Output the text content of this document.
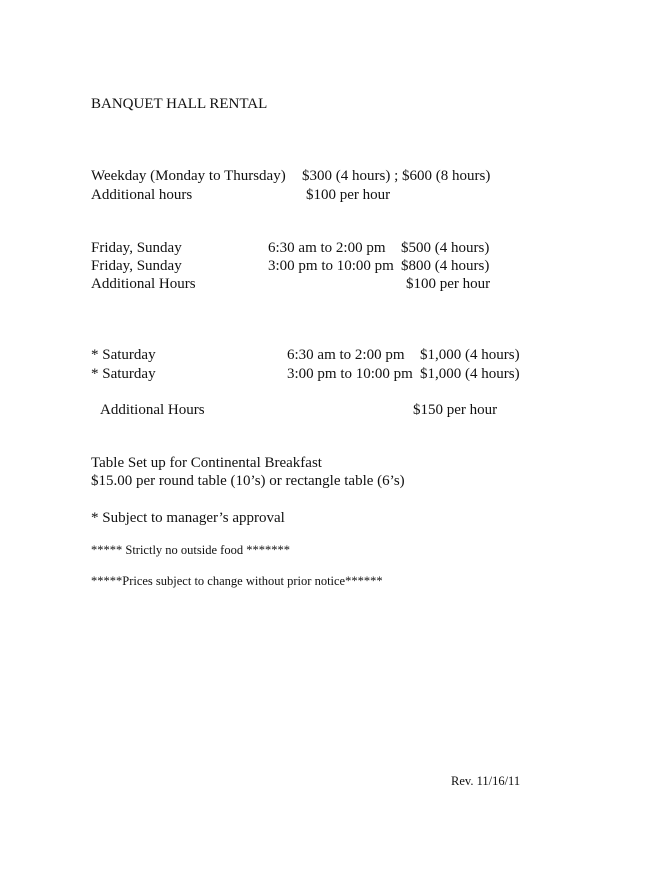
BANQUET HALL RENTAL
Weekday (Monday to Thursday) $300 (4 hours) ; $600 (8 hours)
Additional hours	$100 per hour
Friday, Sunday	6:30 am to 2:00 pm $500 (4 hours)
Friday, Sunday	3:00 pm to 10:00 pm $800 (4 hours)
Additional Hours	$100 per hour
* Saturday	6:30 am to 2:00 pm $1,000 (4 hours)
* Saturday	3:00 pm to 10:00 pm $1,000 (4 hours)
Additional Hours	$150 per hour
Table Set up for Continental Breakfast
$15.00 per round table (10’s) or rectangle table (6’s)
* Subject to manager’s approval
***** Strictly no outside food *******
*****Prices subject to change without prior notice******
Rev. 11/16/11
